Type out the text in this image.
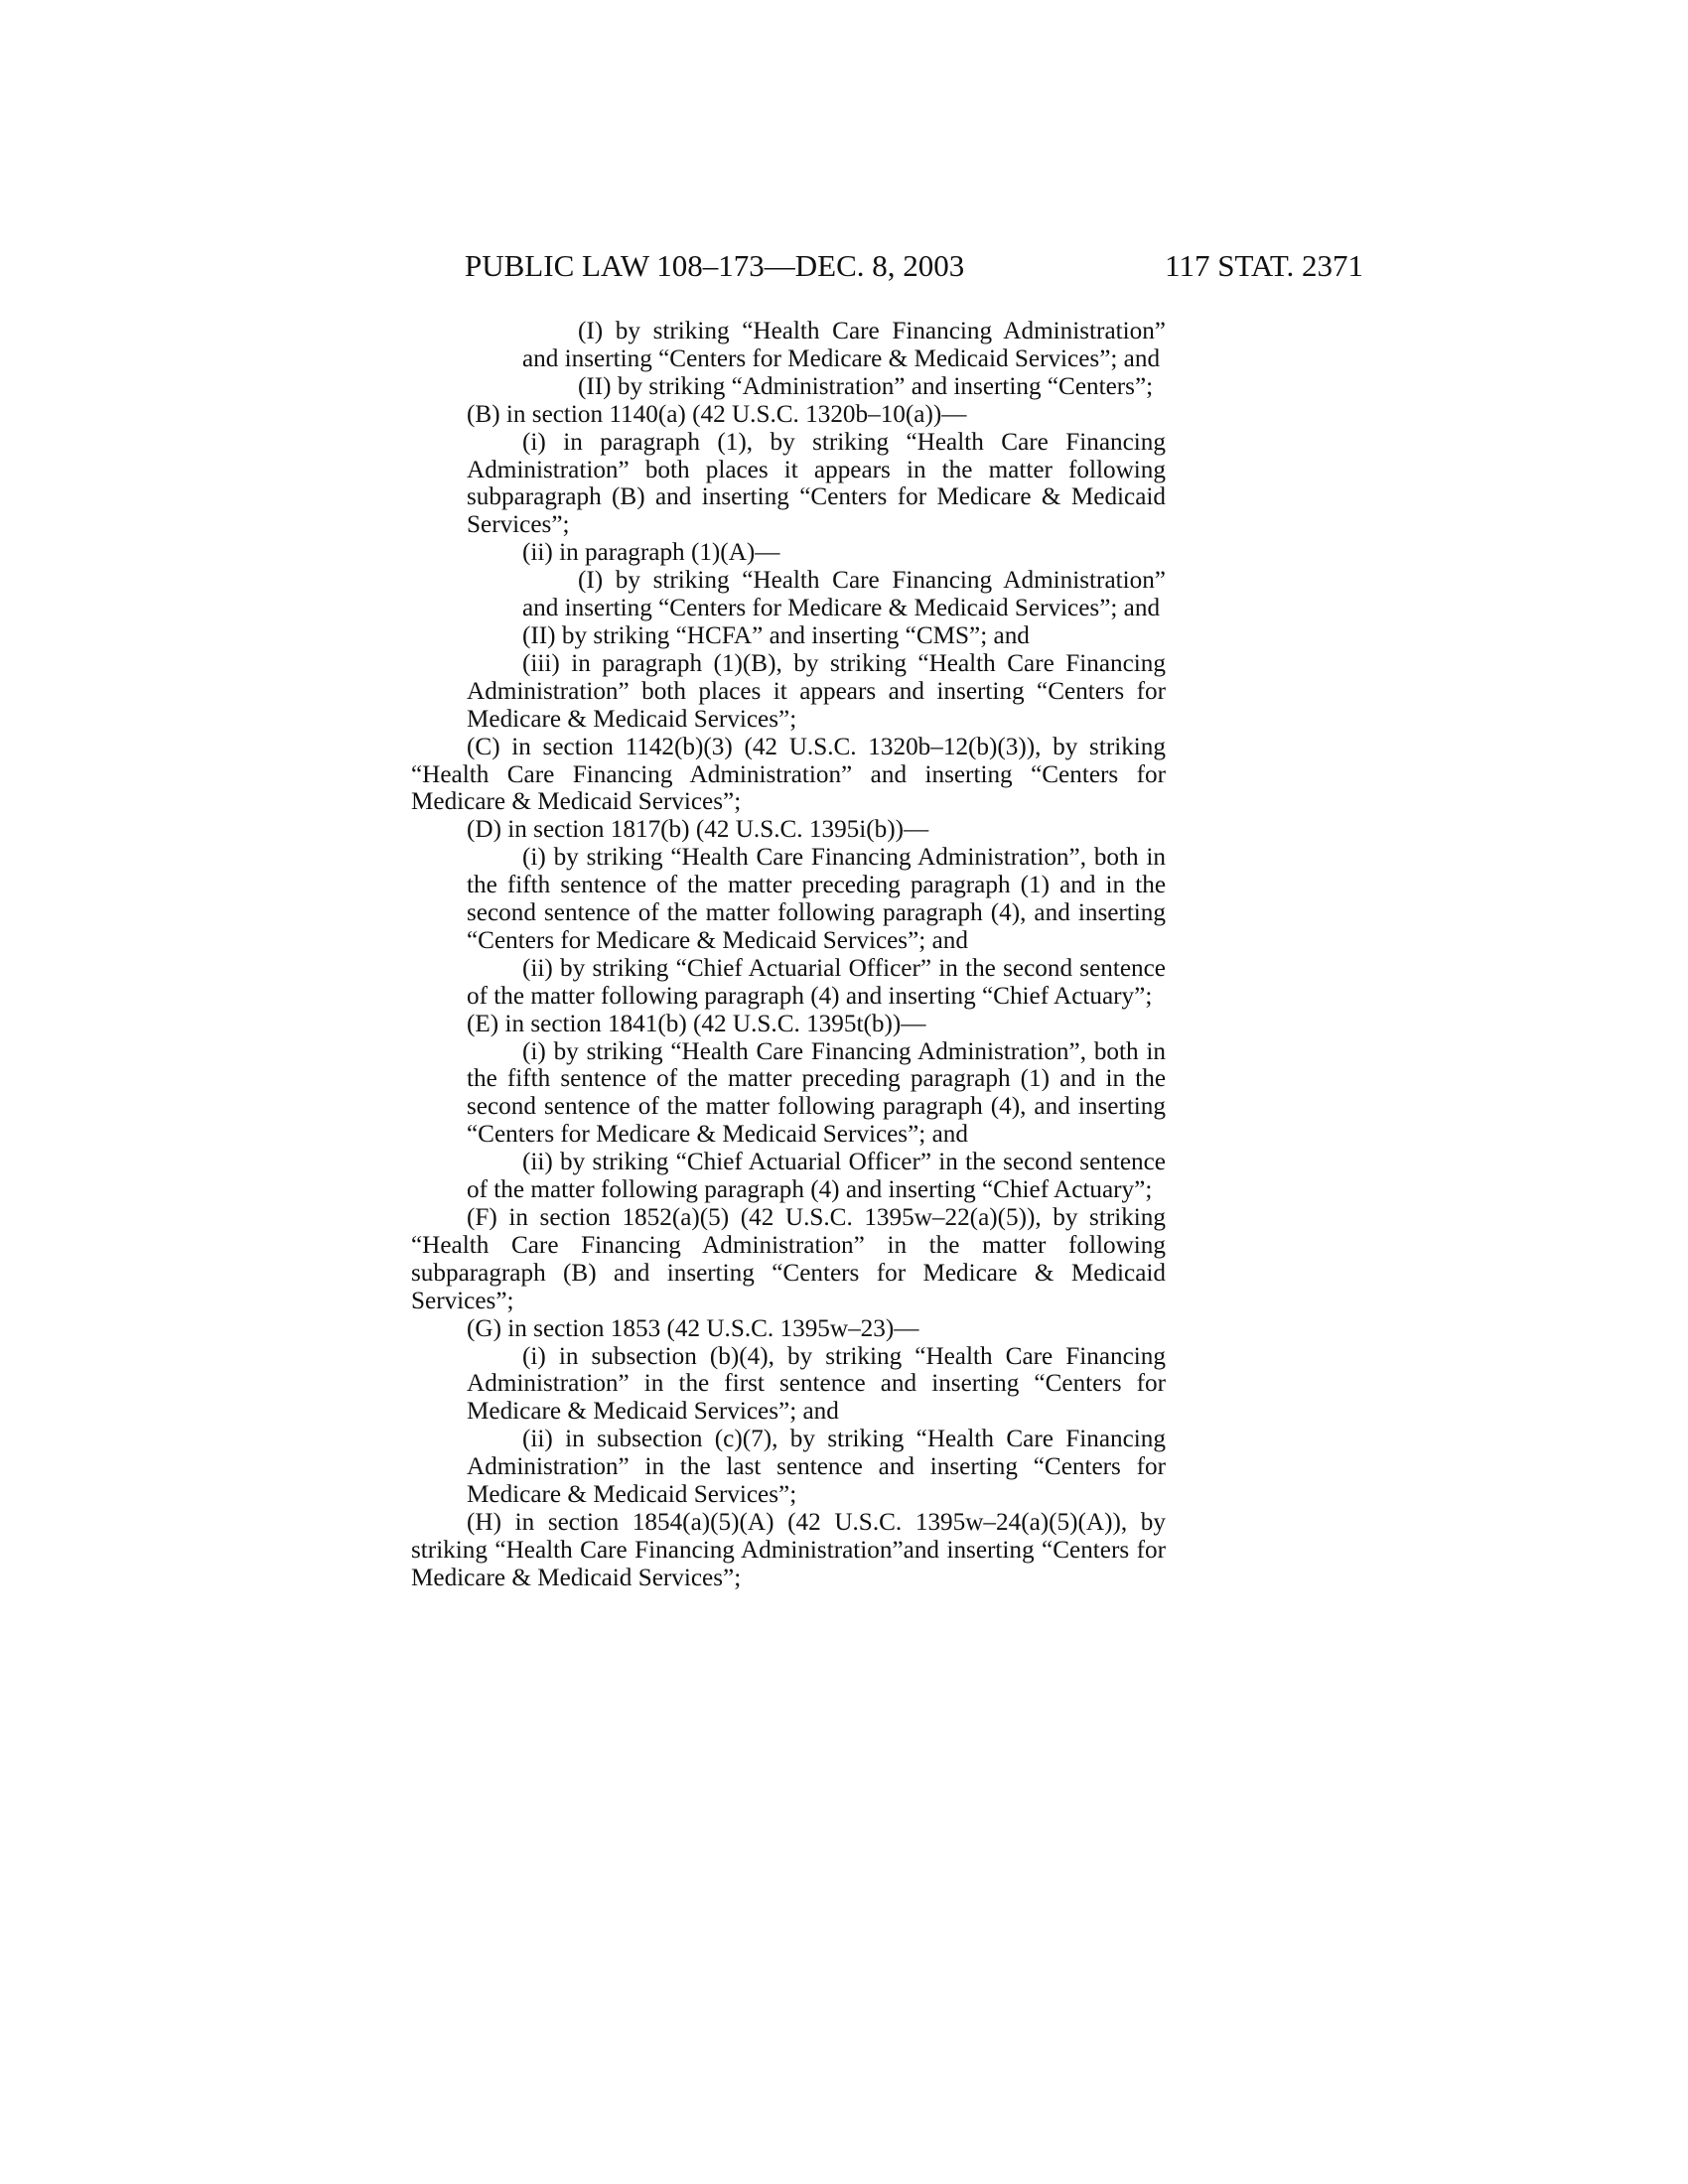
PUBLIC LAW 108–173—DEC. 8, 2003	117 STAT. 2371

(I) by striking “Health Care Financing Administration” and inserting “Centers for Medicare & Medicaid Services”; and

(II) by striking “Administration” and inserting “Centers”;

(B) in section 1140(a) (42 U.S.C. 1320b–10(a))—

(i) in paragraph (1), by striking “Health Care Financing Administration” both places it appears in the matter following subparagraph (B) and inserting “Centers for Medicare & Medicaid Services”;

(ii) in paragraph (1)(A)—

(I) by striking “Health Care Financing Administration” and inserting “Centers for Medicare & Medicaid Services”; and

(II) by striking “HCFA” and inserting “CMS”; and

(iii) in paragraph (1)(B), by striking “Health Care Financing Administration” both places it appears and inserting “Centers for Medicare & Medicaid Services”;

(C) in section 1142(b)(3) (42 U.S.C. 1320b–12(b)(3)), by striking “Health Care Financing Administration” and inserting “Centers for Medicare & Medicaid Services”;

(D) in section 1817(b) (42 U.S.C. 1395i(b))—

(i) by striking “Health Care Financing Administration”, both in the fifth sentence of the matter preceding paragraph (1) and in the second sentence of the matter following paragraph (4), and inserting “Centers for Medicare & Medicaid Services”; and

(ii) by striking “Chief Actuarial Officer” in the second sentence of the matter following paragraph (4) and inserting “Chief Actuary”;

(E) in section 1841(b) (42 U.S.C. 1395t(b))—

(i) by striking “Health Care Financing Administration”, both in the fifth sentence of the matter preceding paragraph (1) and in the second sentence of the matter following paragraph (4), and inserting “Centers for Medicare & Medicaid Services”; and

(ii) by striking “Chief Actuarial Officer” in the second sentence of the matter following paragraph (4) and inserting “Chief Actuary”;

(F) in section 1852(a)(5) (42 U.S.C. 1395w–22(a)(5)), by striking “Health Care Financing Administration” in the matter following subparagraph (B) and inserting “Centers for Medicare & Medicaid Services”;

(G) in section 1853 (42 U.S.C. 1395w–23)—

(i) in subsection (b)(4), by striking “Health Care Financing Administration” in the first sentence and inserting “Centers for Medicare & Medicaid Services”; and

(ii) in subsection (c)(7), by striking “Health Care Financing Administration” in the last sentence and inserting “Centers for Medicare & Medicaid Services”;

(H) in section 1854(a)(5)(A) (42 U.S.C. 1395w–24(a)(5)(A)), by striking “Health Care Financing Administration”and inserting “Centers for Medicare & Medicaid Services”;
